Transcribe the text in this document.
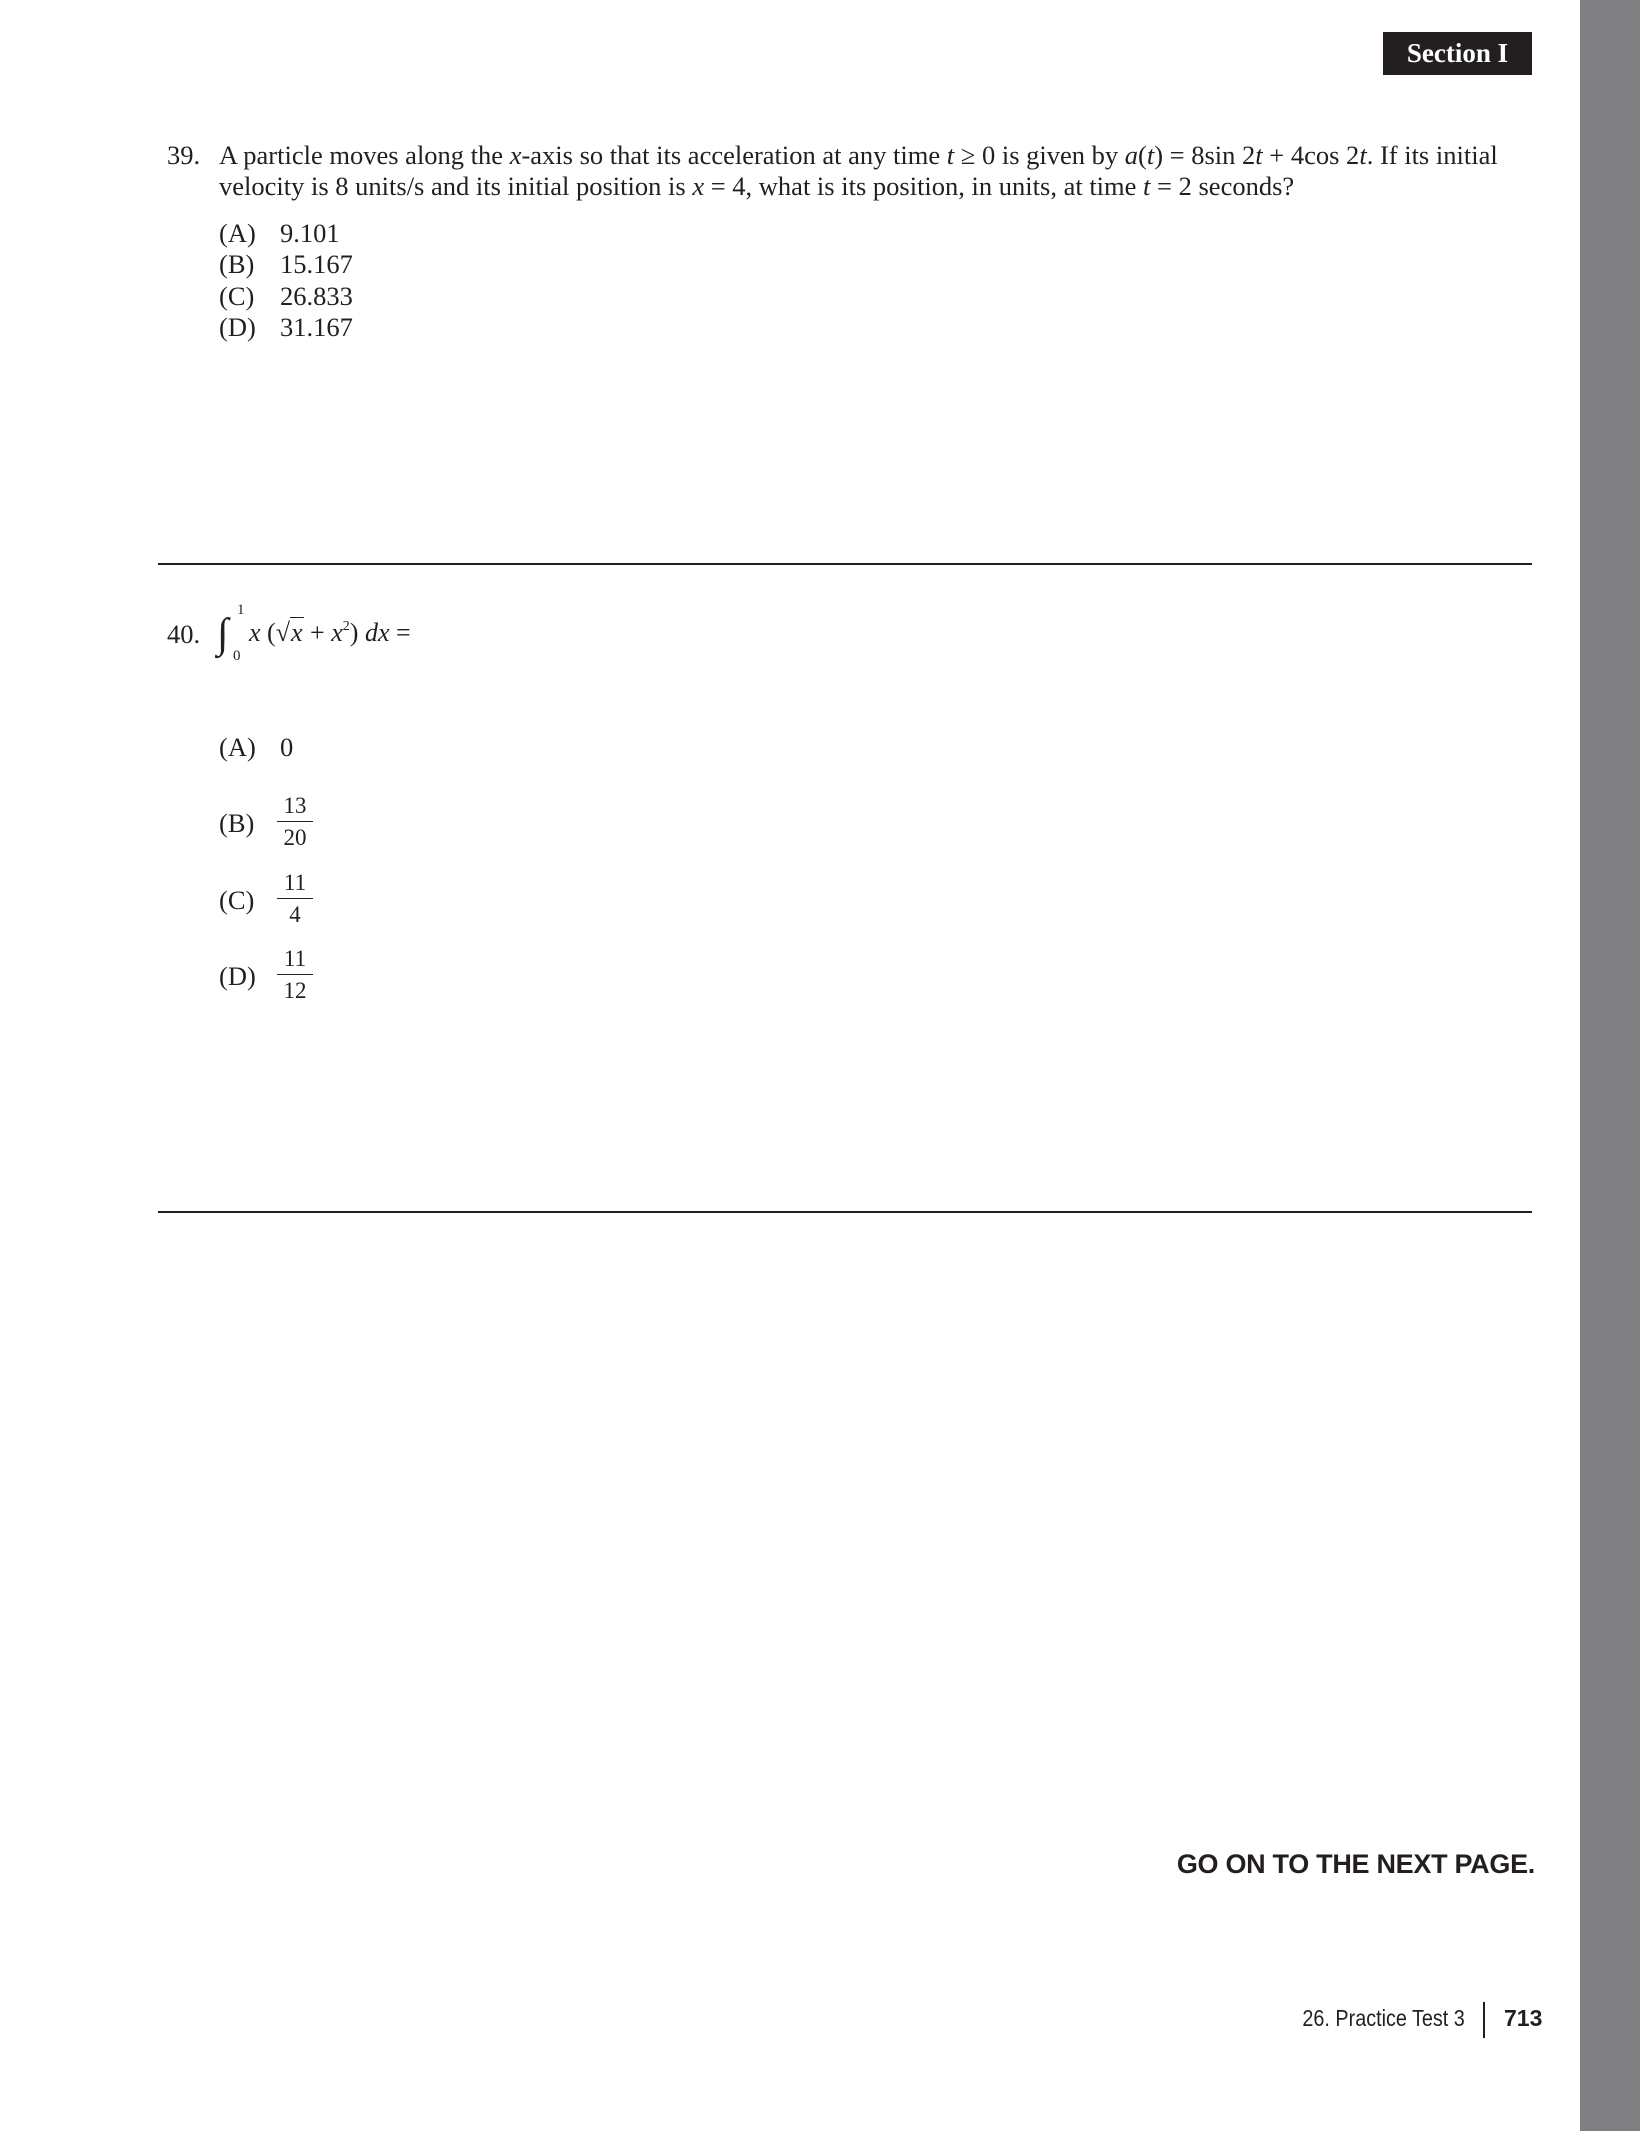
Section I
39. A particle moves along the x-axis so that its acceleration at any time t ≥ 0 is given by a(t) = 8sin 2t + 4cos 2t. If its initial
velocity is 8 units/s and its initial position is x = 4, what is its position, in units, at time t = 2 seconds?
(A) 9.101
(B) 15.167
(C) 26.833
(D) 31.167
40. ∫
1
0
x $(√x + x^2)$ dx =
(A) 0
$(B) \frac{13}{20}$
$(C) \frac{11}{4}$
$(D) \frac{11}{12}$
GO ON TO THE NEXT PAGE.
26. Practice Test 3 713
